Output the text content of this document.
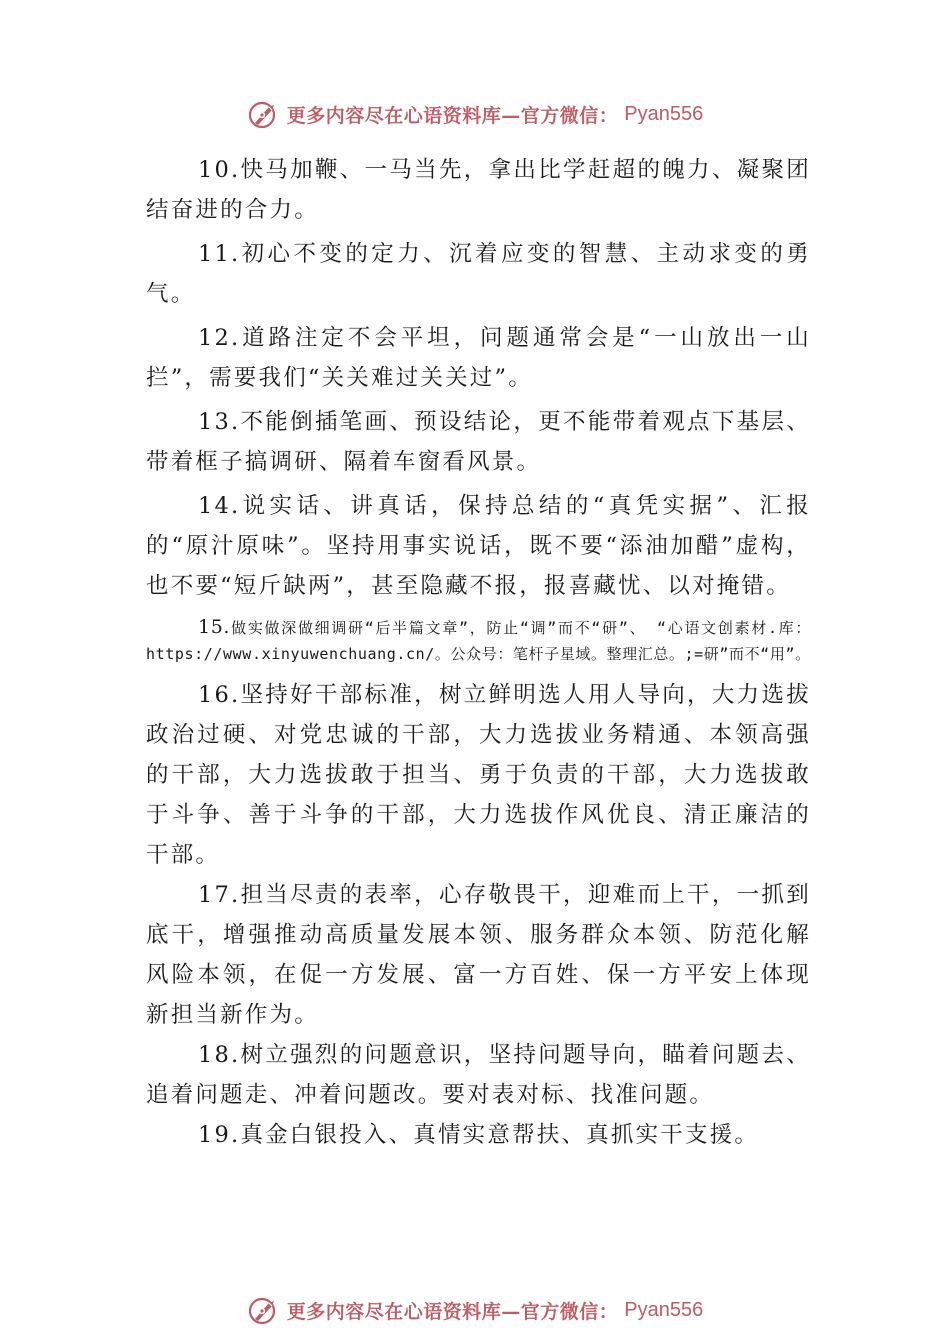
更多内容尽在心语资料库—官方微信： Pyan556

10.快马加鞭、一马当先，拿出比学赶超的魄力、凝聚团结奋进的合力。

11.初心不变的定力、沉着应变的智慧、主动求变的勇气。

12.道路注定不会平坦，问题通常会是“一山放出一山拦”，需要我们“关关难过关关过”。

13.不能倒插笔画、预设结论，更不能带着观点下基层、带着框子搞调研、隔着车窗看风景。

14.说实话、讲真话，保持总结的“真凭实据”、汇报的“原汁原味”。坚持用事实说话，既不要“添油加醋”虚构，也不要“短斤缺两”，甚至隐藏不报，报喜藏忧、以对掩错。

15.做实做深做细调研“后半篇文章”，防止“调”而不“研”、 “心语文创素材.库：https://www.xinyuwenchuang.cn/。公众号：笔杆子星域。整理汇总。;=研”而不“用”。

16.坚持好干部标准，树立鲜明选人用人导向，大力选拔政治过硬、对党忠诚的干部，大力选拔业务精通、本领高强的干部，大力选拔敢于担当、勇于负责的干部，大力选拔敢 于斗争、善于斗争的干部，大力选拔作风优良、清正廉洁的 干部。

17.担当尽责的表率，心存敬畏干，迎难而上干，一抓到底干，增强推动高质量发展本领、服务群众本领、防范化解风险本领，在促一方发展、富一方百姓、保一方平安上体现新担当新作为。

18.树立强烈的问题意识，坚持问题导向，瞄着问题去、追着问题走、冲着问题改。要对表对标、找准问题。

19.真金白银投入、真情实意帮扶、真抓实干支援。

更多内容尽在心语资料库—官方微信： Pyan556
